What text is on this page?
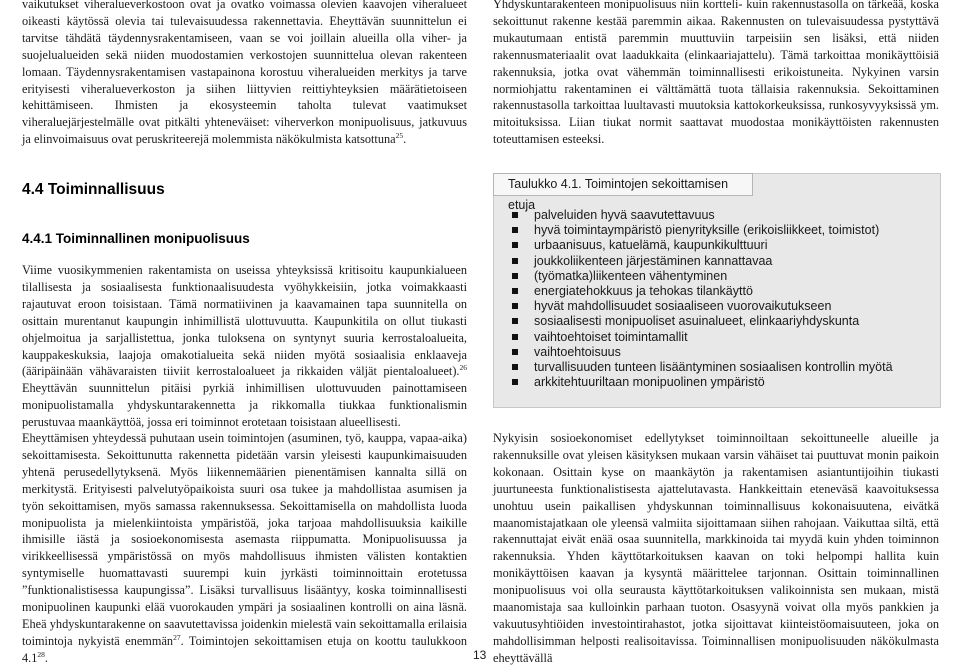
vaikutukset viheralueverkostoon ovat ja ovatko voimassa olevien kaavojen viheralueet oikeasti käytössä olevia tai tulevaisuudessa rakennettavia. Eheyttävän suunnittelun ei tarvitse tähdätä täydennysrakentamiseen, vaan se voi joillain alueilla olla viher- ja suojelualueiden sekä niiden muodostamien verkostojen suunnittelua olevan rakenteen lomaan. Täydennysrakentamisen vastapainona korostuu viheralueiden merkitys ja tarve erityisesti viheralueverkoston ja siihen liittyvien reittiyhteyksien määrätietoiseen kehittämiseen. Ihmisten ja ekosysteemin taholta tulevat vaatimukset viheraluejärjestelmälle ovat pitkälti yhteneväiset: viherverkon monipuolisuus, jatkuvuus ja elinvoimaisuus ovat peruskriteerejä molemmista näkökulmista katsottuna$^{25}$.

Yhdyskuntarakenteen monipuolisuus niin kortteli- kuin rakennustasolla on tärkeää, koska sekoittunut rakenne kestää paremmin aikaa. Rakennusten on tulevaisuudessa pystyttävä mukautumaan entistä paremmin muuttuviin tarpeisiin sen lisäksi, että niiden rakennusmateriaalit ovat laadukkaita (elinkaariajattelu). Tämä tarkoittaa monikäyttöisiä rakennuksia, jotka ovat vähemmän toiminnallisesti erikoistuneita. Nykyinen varsin normiohjattu rakentaminen ei välttämättä tuota tällaisia rakennuksia. Sekoittaminen rakennustasolla tarkoittaa luultavasti muutoksia kattokorkeuksissa, runkosyvyyksissä ym. mitoituksissa. Liian tiukat normit saattavat muodostaa monikäyttöisten rakennusten toteuttamisen esteeksi.

4.4 Toiminnallisuus
4.4.1 Toiminnallinen monipuolisuus

Viime vuosikymmenien rakentamista on useissa yhteyksissä kritisoitu kaupunkialueen tilallisesta ja sosiaalisesta funktionaalisuudesta vyöhykkeisiin, jotka voimakkaasti rajautuvat eroon toisistaan. Tämä normatiivinen ja kaavamainen tapa suunnitella on osittain murentanut kaupungin inhimillistä ulottuvuutta. Kaupunkitila on ollut tiukasti ohjelmoitua ja sarjallistettua, jonka tuloksena on syntynyt suuria kerrostaloalueita, kauppakeskuksia, laajoja omakotialueita sekä niiden myötä sosiaalisia enklaaveja (ääripäinään vähävaraisten tiiviit kerrostaloalueet ja rikkaiden väljät pientaloalueet).$^{26}$ Eheyttävän suunnittelun pitäisi pyrkiä inhimillisen ulottuvuuden painottamiseen monipuolistamalla yhdyskuntarakennetta ja rikkomalla tiukkaa funktionalismin perustuvaa maankäyttöä, jossa eri toiminnot erotetaan toisistaan alueellisesti.

palveluiden hyvä saavutettavuus
hyvä toimintaympäristö pienyrityksille (erikoisliikkeet, toimistot)
urbaanisuus, katuelämä, kaupunkikulttuuri
joukkoliikenteen järjestäminen kannattavaa
(työmatka)liikenteen vähentyminen
energiatehokkuus ja tehokas tilankäyttö
hyvät mahdollisuudet sosiaaliseen vuorovaikutukseen
sosiaalisesti monipuoliset asuinalueet, elinkaariyhdyskunta
vaihtoehtoiset toimintamallit
vaihtoehtoisuus
turvallisuuden tunteen lisääntyminen sosiaalisen kontrollin myötä
arkkitehtuuriltaan monipuolinen ympäristö
Taulukko 4.1. Toimintojen sekoittamisen etuja

Eheyttämisen yhteydessä puhutaan usein toimintojen (asuminen, työ, kauppa, vapaa-aika) sekoittamisesta. Sekoittunutta rakennetta pidetään varsin yleisesti kaupunkimaisuuden yhtenä perusedellytyksenä. Myös liikennemäärien pienentämisen kannalta sillä on merkitystä. Erityisesti palvelutyöpaikoista suuri osa tukee ja mahdollistaa asumisen ja työn sekoittamisen, myös samassa rakennuksessa. Sekoittamisella on mahdollista luoda monipuolista ja mielenkiintoista ympäristöä, joka tarjoaa mahdollisuuksia kaikille ihmisille iästä ja sosioekonomisesta asemasta riippumatta. Monipuolisuussa ja virikkeellisessä ympäristössä on myös mahdollisuus ihmisten välisten kontaktien syntymiselle huomattavasti suurempi kuin jyrkästi toiminnoittain erotetussa ”funktionalistisessa kaupungissa”. Lisäksi turvallisuus lisääntyy, koska toiminnallisesti monipuolinen kaupunki elää vuorokauden ympäri ja sosiaalinen kontrolli on aina läsnä. Eheä yhdyskuntarakenne on saavutettavissa joidenkin mielestä vain sekoittamalla erilaisia toimintoja nykyistä enemmän$^{27}$. Toimintojen sekoittamisen etuja on koottu taulukkoon $4.1^{28}$.

Nykyisin sosioekonomiset edellytykset toiminnoiltaan sekoittuneelle alueille ja rakennuksille ovat yleisen käsityksen mukaan varsin vähäiset tai puuttuvat monin paikoin kokonaan. Osittain kyse on maankäytön ja rakentamisen asiantuntijoihin tiukasti juurtuneesta funktionalistisesta ajattelutavasta. Hankkeittain eteneväsä kaavoituksessa unohtuu usein paikallisen yhdyskunnan toiminnallisuus kokonaisuutena, eivätkä maanomistajatkaan ole yleensä valmiita sijoittamaan siihen rahojaan. Vaikuttaa siltä, että rakennuttajat eivät enää osaa suunnitella, markkinoida tai myydä kuin yhden toiminnon rakennuksia. Yhden käyttötarkoituksen kaavan on toki helpompi hallita kuin monikäyttöisen kaavan ja kysyntä määrittelee tarjonnan. Osittain toiminnallinen monipuolisuus voi olla seurausta käyttötarkoituksen valikoinnista sen mukaan, mistä maanomistaja saa kulloinkin parhaan tuoton. Osasyynä voivat olla myös pankkien ja vakuutusyhtiöiden investointirahastot, jotka sijoittavat kiinteistöomaisuuteen, joka on mahdollisimman helposti realisoitavissa. Toiminnallisen monipuolisuuden näkökulmasta eheyttävällä

13
